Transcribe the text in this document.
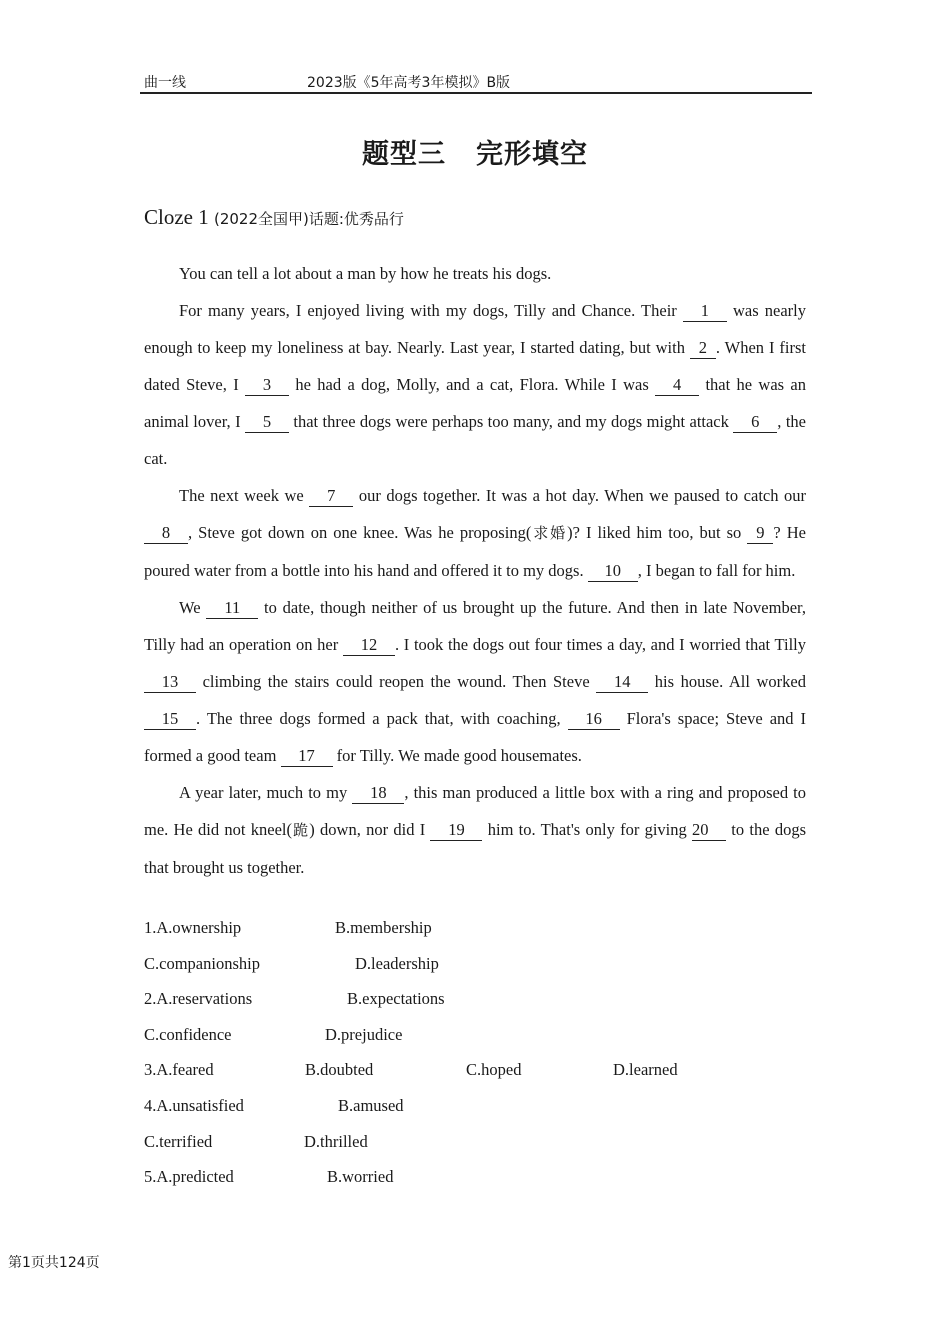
曲一线	2023版《5年高考3年模拟》B版
题型三 完形填空
Cloze 1 (2022全国甲)话题:优秀品行

You can tell a lot about a man by how he treats his dogs.

For many years, I enjoyed living with my dogs, Tilly and Chance. Their 1 was nearly enough to keep my loneliness at bay. Nearly. Last year, I started dating, but with 2 . When I first dated Steve, I 3 he had a dog, Molly, and a cat, Flora. While I was 4 that he was an animal lover, I 5 that three dogs were perhaps too many, and my dogs might attack 6 , the cat.

The next week we 7 our dogs together. It was a hot day. When we paused to catch our 8 , Steve got down on one knee. Was he proposing(求婚)? I liked him too, but so 9 ? He poured water from a bottle into his hand and offered it to my dogs. 10 , I began to fall for him.

We 11 to date, though neither of us brought up the future. And then in late November, Tilly had an operation on her 12 . I took the dogs out four times a day, and I worried that Tilly 13 climbing the stairs could reopen the wound. Then Steve 14 his house. All worked 15 . The three dogs formed a pack that, with coaching, 16 Flora's space; Steve and I formed a good team 17 for Tilly. We made good housemates.

A year later, much to my 18 , this man produced a little box with a ring and proposed to me. He did not kneel(跪) down, nor did I 19 him to. That's only for giving 20 to the dogs that brought us together.

1.A.ownership	B.membership
C.companionship	D.leadership
2.A.reservations	B.expectations
C.confidence	D.prejudice
3.A.feared	B.doubted	C.hoped	D.learned
4.A.unsatisfied	B.amused
C.terrified	D.thrilled
5.A.predicted	B.worried
第1页共124页
